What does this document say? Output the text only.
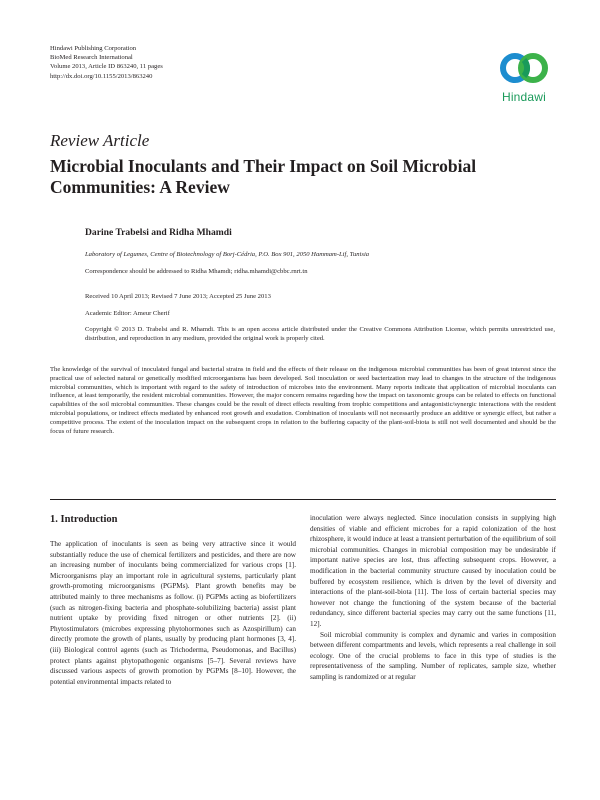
Hindawi Publishing Corporation
BioMed Research International
Volume 2013, Article ID 863240, 11 pages
http://dx.doi.org/10.1155/2013/863240
Hindawi
Review Article
Microbial Inoculants and Their Impact on Soil Microbial Communities: A Review
Darine Trabelsi and Ridha Mhamdi
Laboratory of Legumes, Centre of Biotechnology of Borj-Cédria, P.O. Box 901, 2050 Hammam-Lif, Tunisia
Correspondence should be addressed to Ridha Mhamdi; ridha.mhamdi@cbbc.rnrt.tn
Received 10 April 2013; Revised 7 June 2013; Accepted 25 June 2013
Academic Editor: Ameur Cherif
Copyright © 2013 D. Trabelsi and R. Mhamdi. This is an open access article distributed under the Creative Commons Attribution License, which permits unrestricted use, distribution, and reproduction in any medium, provided the original work is properly cited.
The knowledge of the survival of inoculated fungal and bacterial strains in field and the effects of their release on the indigenous microbial communities has been of great interest since the practical use of selected natural or genetically modified microorganisms has been developed. Soil inoculation or seed bacterization may lead to changes in the structure of the indigenous microbial communities, which is important with regard to the safety of introduction of microbes into the environment. Many reports indicate that application of microbial inoculants can influence, at least temporarily, the resident microbial communities. However, the major concern remains regarding how the impact on taxonomic groups can be related to effects on functional capabilities of the soil microbial communities. These changes could be the result of direct effects resulting from trophic competitions and antagonistic/synergic interactions with the resident microbial populations, or indirect effects mediated by enhanced root growth and exudation. Combination of inoculants will not necessarily produce an additive or synergic effect, but rather a competitive process. The extent of the inoculation impact on the subsequent crops in relation to the buffering capacity of the plant-soil-biota is still not well documented and should be the focus of future research.
1. Introduction

The application of inoculants is seen as being very attractive since it would substantially reduce the use of chemical fertilizers and pesticides, and there are now an increasing number of inoculants being commercialized for various crops [1]. Microorganisms play an important role in agricultural systems, particularly plant growth-promoting microorganisms (PGPMs). Plant growth benefits may be attributed mainly to three mechanisms as follow. (i) PGPMs acting as biofertilizers (such as nitrogen-fixing bacteria and phosphate-solubilizing bacteria) assist plant nutrient uptake by providing fixed nitrogen or other nutrients [2]. (ii) Phytostimulators (microbes expressing phytohormones such as Azospirillum) can directly promote the growth of plants, usually by producing plant hormones [3, 4]. (iii) Biological control agents (such as Trichoderma, Pseudomonas, and Bacillus) protect plants against phytopathogenic organisms [5–7]. Several reviews have discussed various aspects of growth promotion by PGPMs [8–10]. However, the potential environmental impacts related to

inoculation were always neglected. Since inoculation consists in supplying high densities of viable and efficient microbes for a rapid colonization of the host rhizosphere, it would induce at least a transient perturbation of the equilibrium of soil microbial communities. Changes in microbial composition may be undesirable if important native species are lost, thus affecting subsequent crops. However, a modification in the bacterial community structure caused by inoculation could be buffered by ecosystem resilience, which is driven by the level of diversity and interactions of the plant-soil-biota [11]. The loss of certain bacterial species may however not change the functioning of the system because of the bacterial redundancy, since different bacterial species may carry out the same functions [11, 12].

Soil microbial community is complex and dynamic and varies in composition between different compartments and levels, which represents a real challenge in soil ecology. One of the crucial problems to face in this type of studies is the representativeness of the sampling. Number of replicates, sample size, whether sampling is randomized or at regular
